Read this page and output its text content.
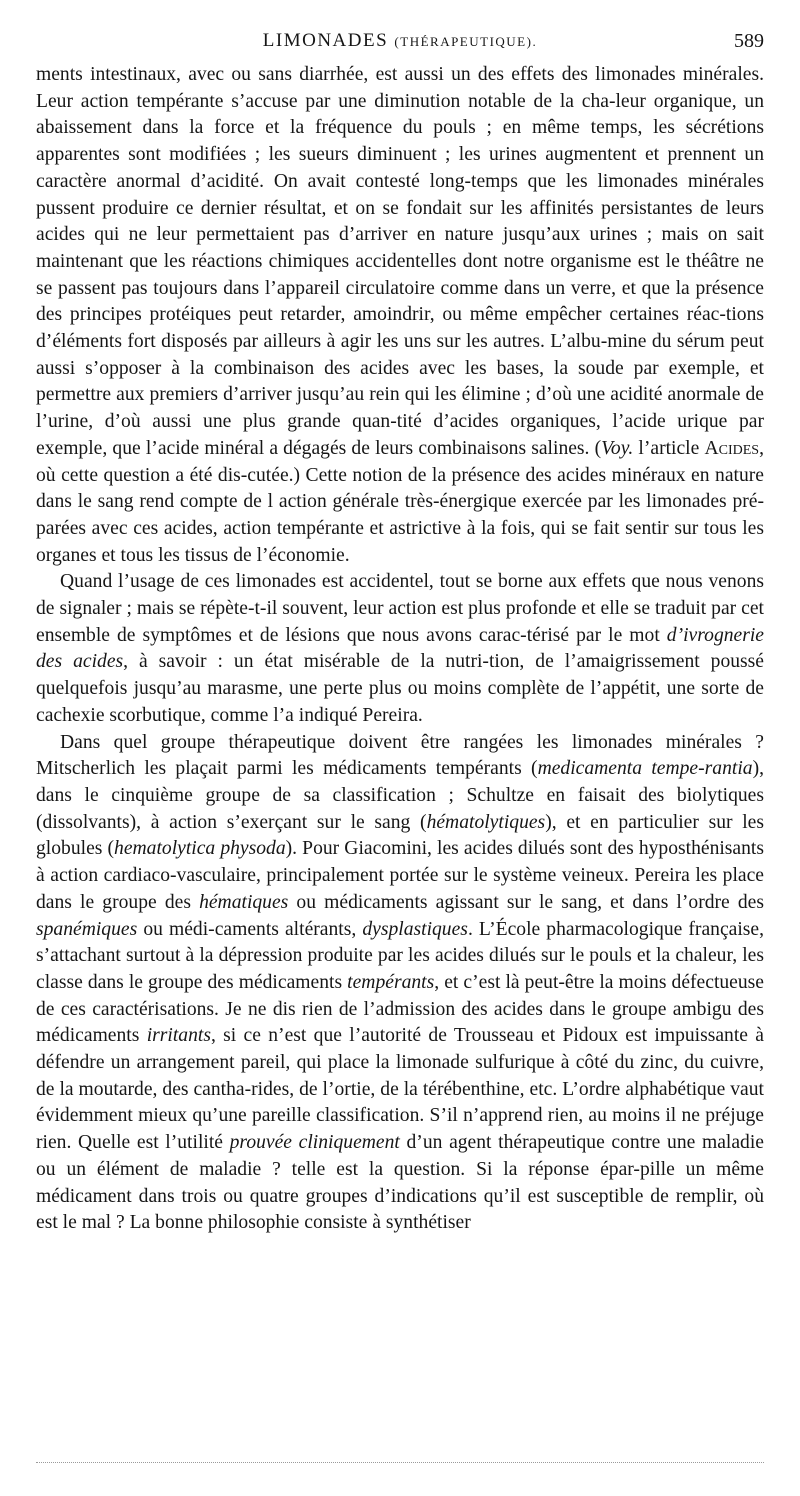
LIMONADES (THÉRAPEUTIQUE).	589

ments intestinaux, avec ou sans diarrhée, est aussi un des effets des limonades minérales. Leur action tempérante s’accuse par une diminution notable de la cha-leur organique, un abaissement dans la force et la fréquence du pouls ; en même temps, les sécrétions apparentes sont modifiées ; les sueurs diminuent ; les urines augmentent et prennent un caractère anormal d’acidité. On avait contesté long-temps que les limonades minérales pussent produire ce dernier résultat, et on se fondait sur les affinités persistantes de leurs acides qui ne leur permettaient pas d’arriver en nature jusqu’aux urines ; mais on sait maintenant que les réactions chimiques accidentelles dont notre organisme est le théâtre ne se passent pas toujours dans l’appareil circulatoire comme dans un verre, et que la présence des principes protéiques peut retarder, amoindrir, ou même empêcher certaines réac-tions d’éléments fort disposés par ailleurs à agir les uns sur les autres. L’albu-mine du sérum peut aussi s’opposer à la combinaison des acides avec les bases, la soude par exemple, et permettre aux premiers d’arriver jusqu’au rein qui les élimine ; d’où une acidité anormale de l’urine, d’où aussi une plus grande quan-tité d’acides organiques, l’acide urique par exemple, que l’acide minéral a dégagés de leurs combinaisons salines. (Voy. l’article Acides, où cette question a été dis-cutée.) Cette notion de la présence des acides minéraux en nature dans le sang rend compte de l action générale très-énergique exercée par les limonades pré-parées avec ces acides, action tempérante et astrictive à la fois, qui se fait sentir sur tous les organes et tous les tissus de l’économie.

Quand l’usage de ces limonades est accidentel, tout se borne aux effets que nous venons de signaler ; mais se répète-t-il souvent, leur action est plus profonde et elle se traduit par cet ensemble de symptômes et de lésions que nous avons carac-térisé par le mot d’ivrognerie des acides, à savoir : un état misérable de la nutri-tion, de l’amaigrissement poussé quelquefois jusqu’au marasme, une perte plus ou moins complète de l’appétit, une sorte de cachexie scorbutique, comme l’a indiqué Pereira.

Dans quel groupe thérapeutique doivent être rangées les limonades minérales ? Mitscherlich les plaçait parmi les médicaments tempérants (medicamenta tempe-rantia), dans le cinquième groupe de sa classification ; Schultze en faisait des biolytiques (dissolvants), à action s’exerçant sur le sang (hématolytiques), et en particulier sur les globules (hematolytica physoda). Pour Giacomini, les acides dilués sont des hyposthénisants à action cardiaco-vasculaire, principalement portée sur le système veineux. Pereira les place dans le groupe des hématiques ou médicaments agissant sur le sang, et dans l’ordre des spanémiques ou médi-caments altérants, dysplastiques. L’École pharmacologique française, s’attachant surtout à la dépression produite par les acides dilués sur le pouls et la chaleur, les classe dans le groupe des médicaments tempérants, et c’est là peut-être la moins défectueuse de ces caractérisations. Je ne dis rien de l’admission des acides dans le groupe ambigu des médicaments irritants, si ce n’est que l’autorité de Trousseau et Pidoux est impuissante à défendre un arrangement pareil, qui place la limonade sulfurique à côté du zinc, du cuivre, de la moutarde, des cantha-rides, de l’ortie, de la térébenthine, etc. L’ordre alphabétique vaut évidemment mieux qu’une pareille classification. S’il n’apprend rien, au moins il ne préjuge rien. Quelle est l’utilité prouvée cliniquement d’un agent thérapeutique contre une maladie ou un élément de maladie ? telle est la question. Si la réponse épar-pille un même médicament dans trois ou quatre groupes d’indications qu’il est susceptible de remplir, où est le mal ? La bonne philosophie consiste à synthétiser
